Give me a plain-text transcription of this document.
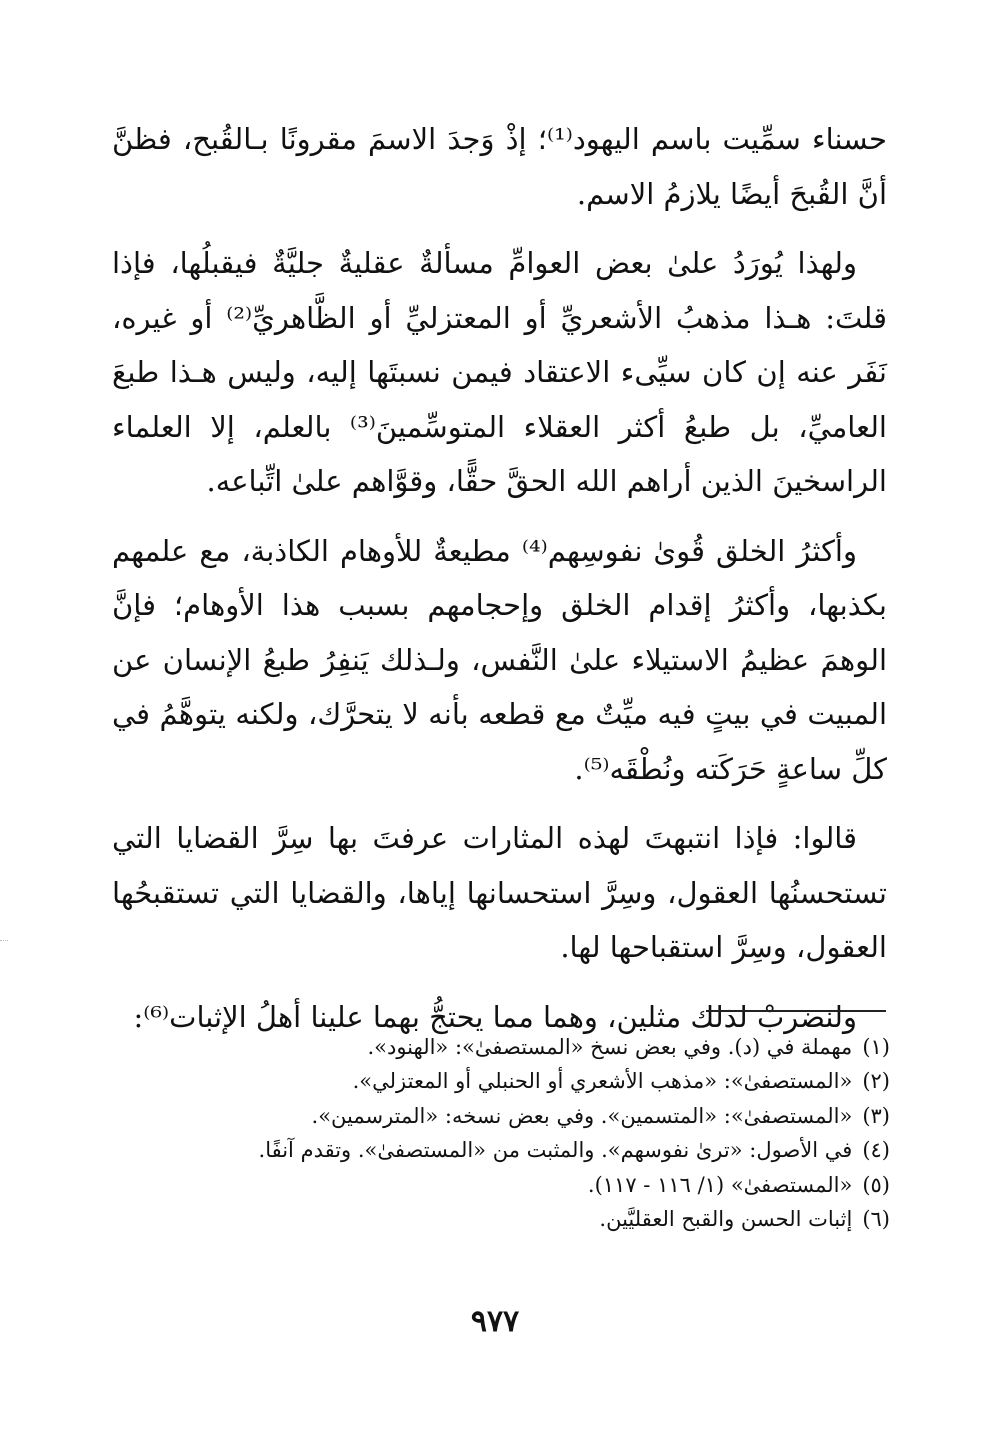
حسناء سمِّيت باسم اليهود⁽¹⁾؛ إذْ وَجدَ الاسمَ مقرونًا بـالقُبح، فظنَّ أنَّ القُبحَ أيضًا يلازمُ الاسم.

ولهذا يُورَدُ علىٰ بعض العوامِّ مسألةٌ عقليةٌ جليَّةٌ فيقبلُها، فإذا قلتَ: هـذا مذهبُ الأشعريِّ أو المعتزليِّ أو الظَّاهريِّ⁽²⁾ أو غيره، نَفَر عنه إن كان سيِّىء الاعتقاد فيمن نسبتَها إليه، وليس هـذا طبعَ العاميِّ، بل طبعُ أكثر العقلاء المتوسِّمينَ⁽³⁾ بالعلم، إلا العلماء الراسخينَ الذين أراهم الله الحقَّ حقًّا، وقوَّاهم علىٰ اتِّباعه.

وأكثرُ الخلق قُوىٰ نفوسِهم⁽⁴⁾ مطيعةٌ للأوهام الكاذبة، مع علمهم بكذبها، وأكثرُ إقدام الخلق وإحجامهم بسبب هذا الأوهام؛ فإنَّ الوهمَ عظيمُ الاستيلاء علىٰ النَّفس، ولـذلك يَنفِرُ طبعُ الإنسان عن المبيت في بيتٍ فيه ميِّتٌ مع قطعه بأنه لا يتحرَّك، ولكنه يتوهَّمُ في كلِّ ساعةٍ حَرَكَته ونُطْقَه⁽⁵⁾.

قالوا: فإذا انتبهتَ لهذه المثارات عرفتَ بها سِرَّ القضايا التي تستحسنُها العقول، وسِرَّ استحسانها إياها، والقضايا التي تستقبحُها العقول، وسِرَّ استقباحها لها.

ولنضربْ لذلك مثلين، وهما مما يحتجُّ بهما علينا أهلُ الإثبات⁽⁶⁾:

(١)مهملة في (د). وفي بعض نسخ «المستصفىٰ»: «الهنود».
(٢)«المستصفىٰ»: «مذهب الأشعري أو الحنبلي أو المعتزلي».
(٣)«المستصفىٰ»: «المتسمين». وفي بعض نسخه: «المترسمين».
(٤)في الأصول: «ترىٰ نفوسهم». والمثبت من «المستصفىٰ». وتقدم آنفًا.
(٥)«المستصفىٰ» (١/ ١١٦ - ١١٧).
(٦)إثبات الحسن والقبح العقليَّين.
٩٧٧
